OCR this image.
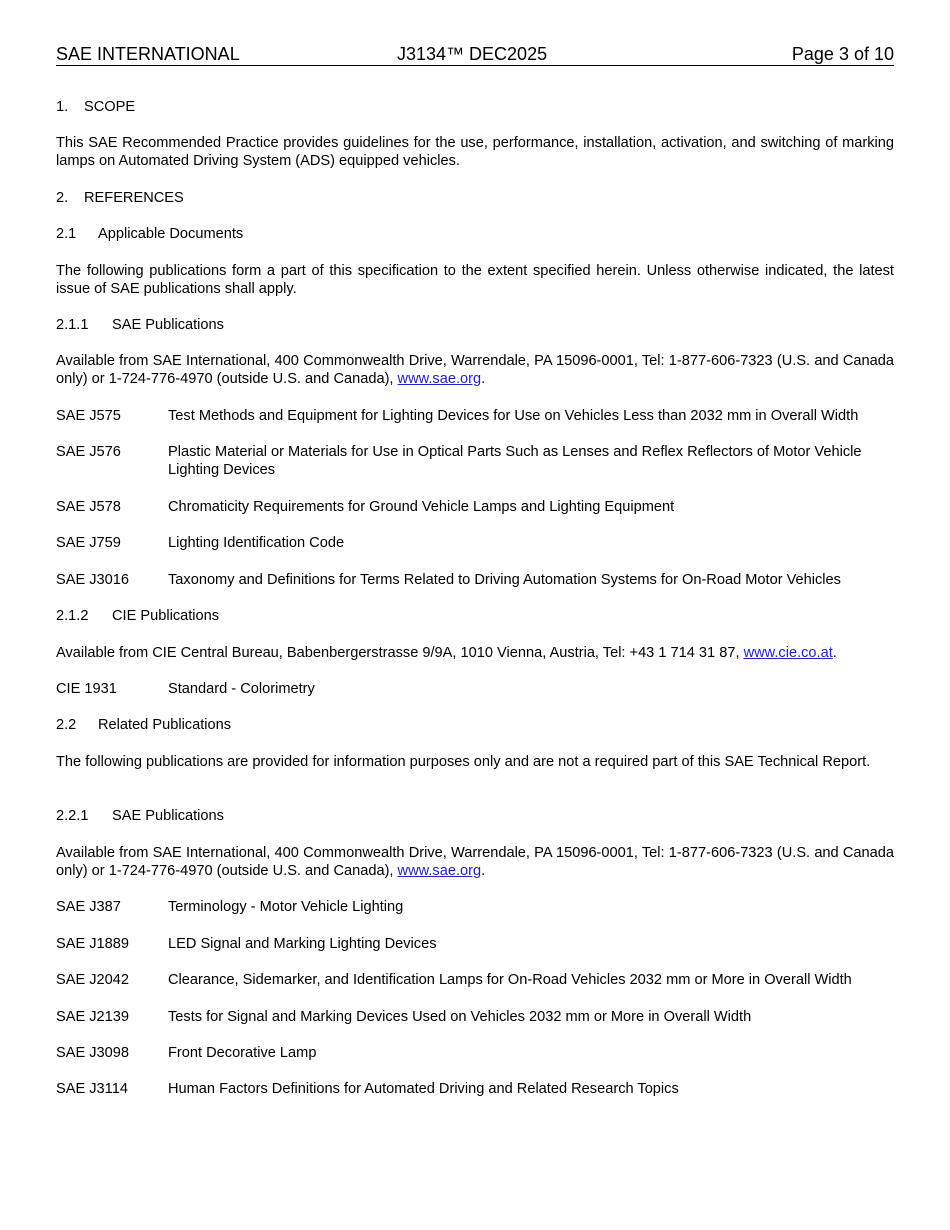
SAE INTERNATIONAL	J3134™ DEC2025	Page 3 of 10
1. SCOPE
This SAE Recommended Practice provides guidelines for the use, performance, installation, activation, and switching of marking lamps on Automated Driving System (ADS) equipped vehicles.
2. REFERENCES
2.1 Applicable Documents
The following publications form a part of this specification to the extent specified herein. Unless otherwise indicated, the latest issue of SAE publications shall apply.
2.1.1 SAE Publications
Available from SAE International, 400 Commonwealth Drive, Warrendale, PA 15096-0001, Tel: 1-877-606-7323 (U.S. and Canada only) or 1-724-776-4970 (outside U.S. and Canada), www.sae.org.
SAE J575	Test Methods and Equipment for Lighting Devices for Use on Vehicles Less than 2032 mm in Overall Width
SAE J576	Plastic Material or Materials for Use in Optical Parts Such as Lenses and Reflex Reflectors of Motor Vehicle Lighting Devices
SAE J578	Chromaticity Requirements for Ground Vehicle Lamps and Lighting Equipment
SAE J759	Lighting Identification Code
SAE J3016	Taxonomy and Definitions for Terms Related to Driving Automation Systems for On-Road Motor Vehicles
2.1.2 CIE Publications
Available from CIE Central Bureau, Babenbergerstrasse 9/9A, 1010 Vienna, Austria, Tel: +43 1 714 31 87, www.cie.co.at.
CIE 1931	Standard - Colorimetry
2.2 Related Publications
The following publications are provided for information purposes only and are not a required part of this SAE Technical Report.
2.2.1 SAE Publications
Available from SAE International, 400 Commonwealth Drive, Warrendale, PA 15096-0001, Tel: 1-877-606-7323 (U.S. and Canada only) or 1-724-776-4970 (outside U.S. and Canada), www.sae.org.
SAE J387	Terminology - Motor Vehicle Lighting
SAE J1889	LED Signal and Marking Lighting Devices
SAE J2042	Clearance, Sidemarker, and Identification Lamps for On-Road Vehicles 2032 mm or More in Overall Width
SAE J2139	Tests for Signal and Marking Devices Used on Vehicles 2032 mm or More in Overall Width
SAE J3098	Front Decorative Lamp
SAE J3114	Human Factors Definitions for Automated Driving and Related Research Topics
